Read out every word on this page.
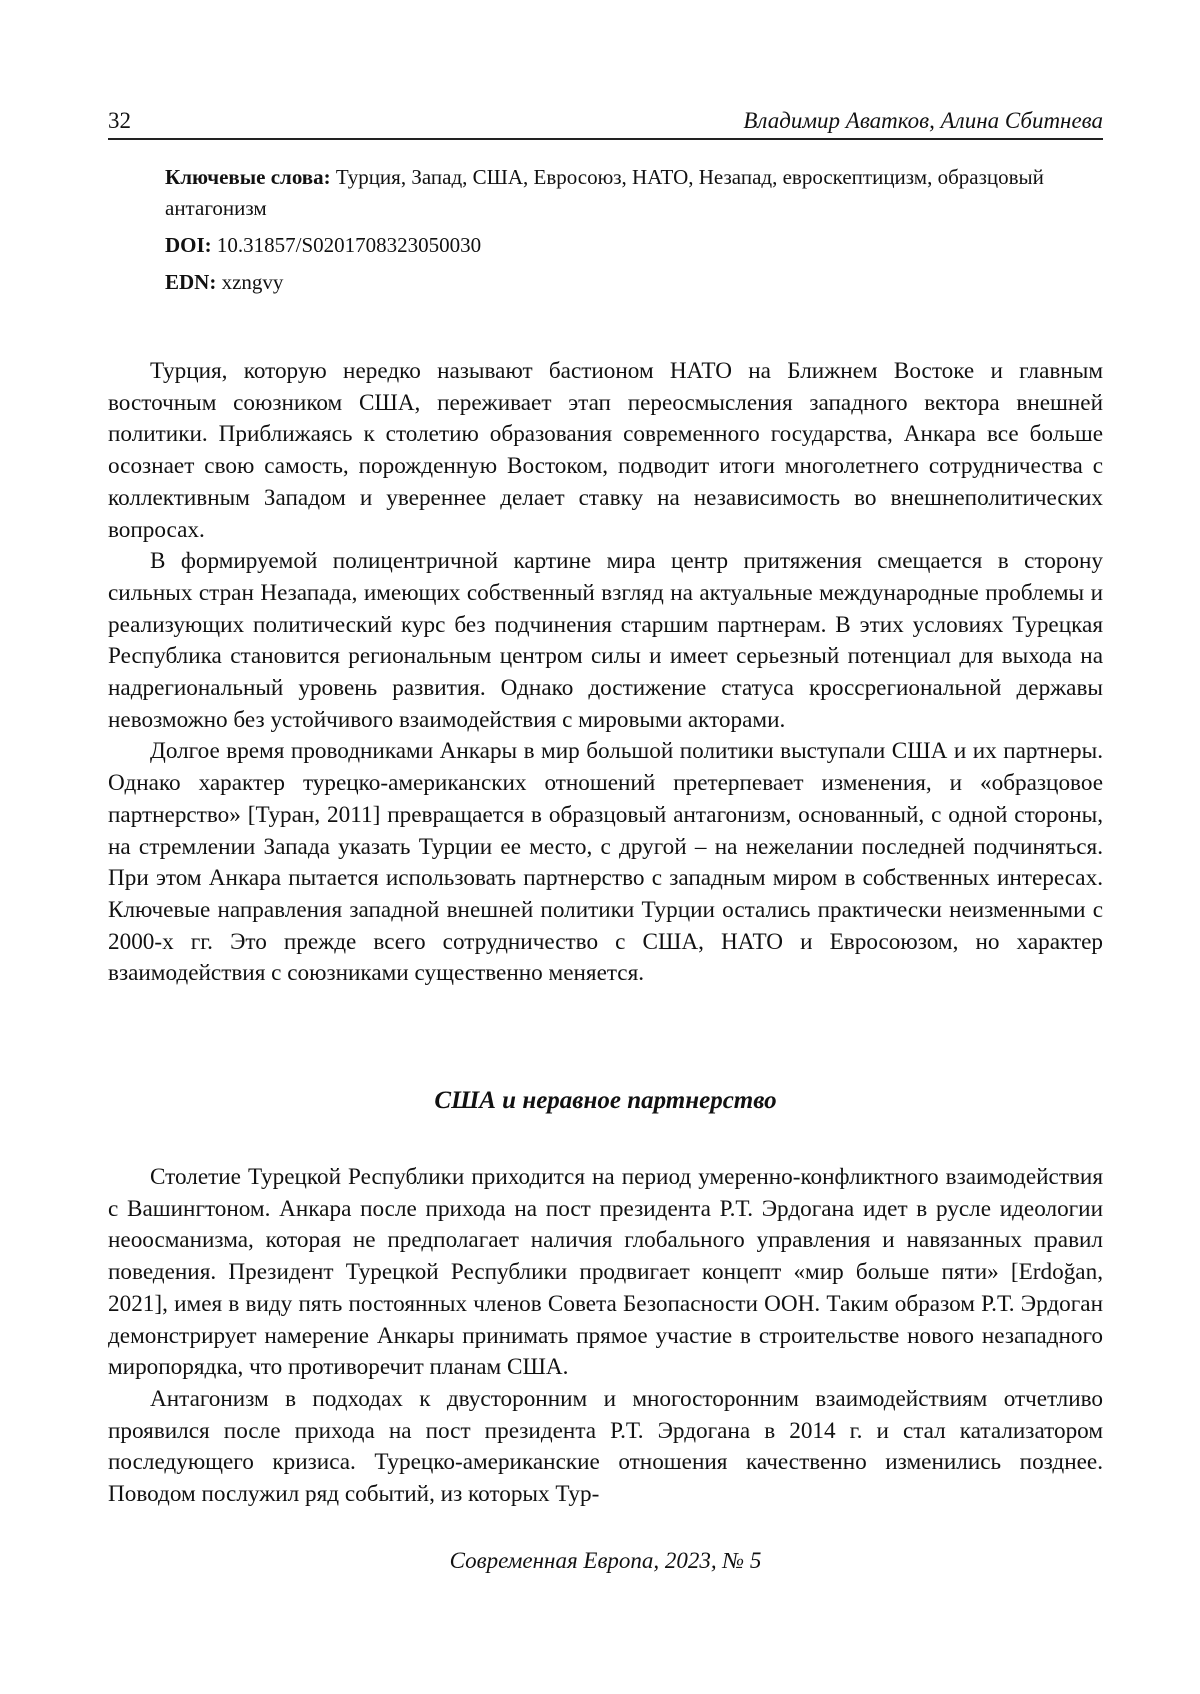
32	Владимир Аватков, Алина Сбитнева

Ключевые слова: Турция, Запад, США, Евросоюз, НАТО, Незапад, евроскептицизм, образцовый антагонизм

DOI: 10.31857/S0201708323050030

EDN: xzngvy

Турция, которую нередко называют бастионом НАТО на Ближнем Востоке и главным восточным союзником США, переживает этап переосмысления западного вектора внешней политики. Приближаясь к столетию образования современного государства, Анкара все больше осознает свою самость, порожденную Востоком, подводит итоги многолетнего сотрудничества с коллективным Западом и увереннее делает ставку на независимость во внешнеполитических вопросах.

В формируемой полицентричной картине мира центр притяжения смещается в сторону сильных стран Незапада, имеющих собственный взгляд на актуальные международные проблемы и реализующих политический курс без подчинения старшим партнерам. В этих условиях Турецкая Республика становится региональным центром силы и имеет серьезный потенциал для выхода на надрегиональный уровень развития. Однако достижение статуса кроссрегиональной державы невозможно без устойчивого взаимодействия с мировыми акторами.

Долгое время проводниками Анкары в мир большой политики выступали США и их партнеры. Однако характер турецко-американских отношений претерпевает изменения, и «образцовое партнерство» [Туран, 2011] превращается в образцовый антагонизм, основанный, с одной стороны, на стремлении Запада указать Турции ее место, с другой – на нежелании последней подчиняться. При этом Анкара пытается использовать партнерство с западным миром в собственных интересах. Ключевые направления западной внешней политики Турции остались практически неизменными с 2000-х гг. Это прежде всего сотрудничество с США, НАТО и Евросоюзом, но характер взаимодействия с союзниками существенно меняется.

США и неравное партнерство

Столетие Турецкой Республики приходится на период умеренно-конфликтного взаимодействия с Вашингтоном. Анкара после прихода на пост президента Р.Т. Эрдогана идет в русле идеологии неоосманизма, которая не предполагает наличия глобального управления и навязанных правил поведения. Президент Турецкой Республики продвигает концепт «мир больше пяти» [Erdoğan, 2021], имея в виду пять постоянных членов Совета Безопасности ООН. Таким образом Р.Т. Эрдоган демонстрирует намерение Анкары принимать прямое участие в строительстве нового незападного миропорядка, что противоречит планам США.

Антагонизм в подходах к двусторонним и многосторонним взаимодействиям отчетливо проявился после прихода на пост президента Р.Т. Эрдогана в 2014 г. и стал катализатором последующего кризиса. Турецко-американские отношения качественно изменились позднее. Поводом послужил ряд событий, из которых Тур-

Современная Европа, 2023, № 5
